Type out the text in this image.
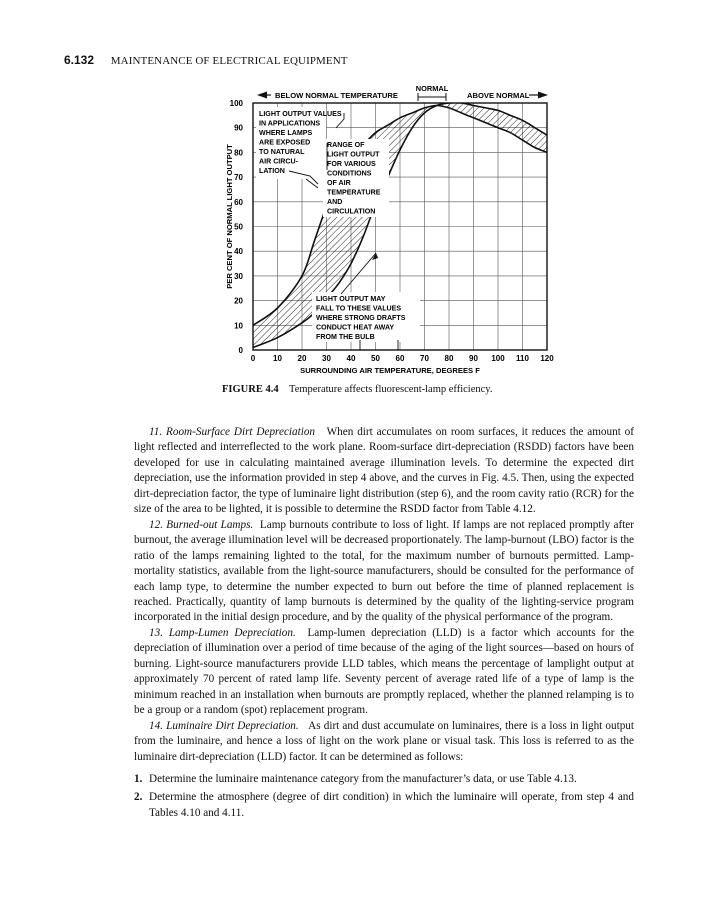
6.132 MAINTENANCE OF ELECTRICAL EQUIPMENT
0 10 20 30 40 50 60 70 80 90 100 110 120
0
10
20
30
40
50
60
70
80
90
100
SURROUNDING AIR TEMPERATURE, DEGREES F
PER CENT OF NORMAL LIGHT OUTPUT
BELOW NORMAL TEMPERATURE
NORMAL
ABOVE NORMAL
LIGHT OUTPUT VALUES
IN APPLICATIONS
WHERE LAMPS
ARE EXPOSED
TO NATURAL
AIR CIRCU-
LATION
RANGE OF
LIGHT OUTPUT
FOR VARIOUS
CONDITIONS
OF AIR
TEMPERATURE
AND
CIRCULATION
LIGHT OUTPUT MAY
FALL TO THESE VALUES
WHERE STRONG DRAFTS
CONDUCT HEAT AWAY
FROM THE BULB
FIGURE 4.4 Temperature affects fluorescent-lamp efficiency.

11. Room-Surface Dirt Depreciation When dirt accumulates on room surfaces, it reduces the amount of light reflected and interreflected to the work plane. Room-surface dirt-depreciation (RSDD) factors have been developed for use in calculating maintained average illumination levels. To determine the expected dirt depreciation, use the information provided in step 4 above, and the curves in Fig. 4.5. Then, using the expected dirt-depreciation factor, the type of luminaire light distribution (step 6), and the room cavity ratio (RCR) for the size of the area to be lighted, it is possible to determine the RSDD factor from Table 4.12.

12. Burned-out Lamps. Lamp burnouts contribute to loss of light. If lamps are not replaced promptly after burnout, the average illumination level will be decreased proportionately. The lamp-burnout (LBO) factor is the ratio of the lamps remaining lighted to the total, for the maximum number of burnouts permitted. Lamp-mortality statistics, available from the light-source manufacturers, should be consulted for the performance of each lamp type, to determine the number expected to burn out before the time of planned replacement is reached. Practically, quantity of lamp burnouts is determined by the quality of the lighting-service program incorporated in the initial design procedure, and by the quality of the physical performance of the program.

13. Lamp-Lumen Depreciation. Lamp-lumen depreciation (LLD) is a factor which accounts for the depreciation of illumination over a period of time because of the aging of the light sources—based on hours of burning. Light-source manufacturers provide LLD tables, which means the percentage of lamplight output at approximately 70 percent of rated lamp life. Seventy percent of average rated life of a type of lamp is the minimum reached in an installation when burnouts are promptly replaced, whether the planned relamping is to be a group or a random (spot) replacement program.

14. Luminaire Dirt Depreciation. As dirt and dust accumulate on luminaires, there is a loss in light output from the luminaire, and hence a loss of light on the work plane or visual task. This loss is referred to as the luminaire dirt-depreciation (LLD) factor. It can be determined as follows:

1. Determine the luminaire maintenance category from the manufacturer’s data, or use Table 4.13.
2. Determine the atmosphere (degree of dirt condition) in which the luminaire will operate, from step 4 and Tables 4.10 and 4.11.
